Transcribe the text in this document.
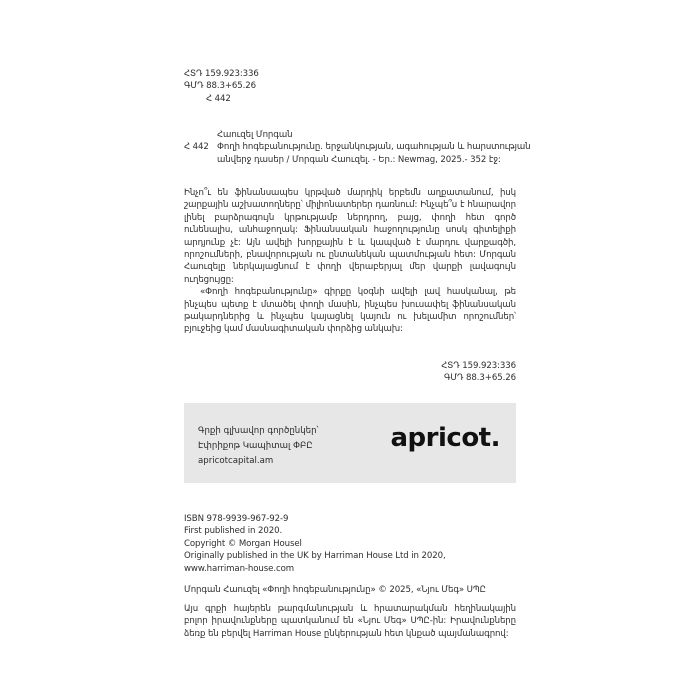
ՀՏԴ 159.923:336
ԳՄԴ 88.3+65.26
Հ 442
Հաուզել Մորգան
Հ 442 Փողի հոգեբանությունը. երջանկության, ագահության և հարստության
անվերջ դասեր / Մորգան Հաուզել. - Եր.: Newmag, 2025.- 352 էջ:

Ինչո՞ւ են ֆինանսապես կրթված մարդիկ երբեմն աղքատանում, իսկ շարքային աշխատողները՝ միլիոնատերեր դառնում: Ինչպե՞ս է հնարավոր լինել բարձրագույն կրթությամբ ներդրող, բայց, փողի հետ գործ ունենալիս, անհաջողակ: Ֆինանսական հաջողությունը սոսկ գիտելիքի արդյունք չէ: Այն ավելի խորքային է և կապված է մարդու վարքագծի, որոշումների, բնավորության ու ընտանեկան պատմության հետ: Մորգան Հաուզելը ներկայացնում է փողի վերաբերյալ մեր վարքի լավագույն ուղեցույցը:

«Փողի հոգեբանությունը» գիրքը կօգնի ավելի լավ հասկանալ, թե ինչպես պետք է մտածել փողի մասին, ինչպես խուսափել ֆինանսական թակարդներից և ինչպես կայացնել կայուն ու խելամիտ որոշումներ՝ բյուջեից կամ մասնագիտական փորձից անկախ:

ՀՏԴ 159.923:336
ԳՄԴ 88.3+65.26
Գրքի գլխավոր գործընկեր՝
Էփրիքոթ Կապիտալ ՓԲԸ
apricotcapital.am
apricot.
ISBN 978-9939-967-92-9
First published in 2020.
Copyright © Morgan Housel
Originally published in the UK by Harriman House Ltd in 2020,
www.harriman-house.com
Մորգան Հաուզել «Փողի հոգեբանությունը» © 2025, «Նյու Մեգ» ՍՊԸ
Այս գրքի հայերեն թարգմանության և հրատարակման հեղինակային բոլոր իրավունքները պատկանում են «Նյու Մեգ» ՍՊԸ-ին: Իրավունքները ձեռք են բերվել Harriman House ընկերության հետ կնքած պայմանագրով:
